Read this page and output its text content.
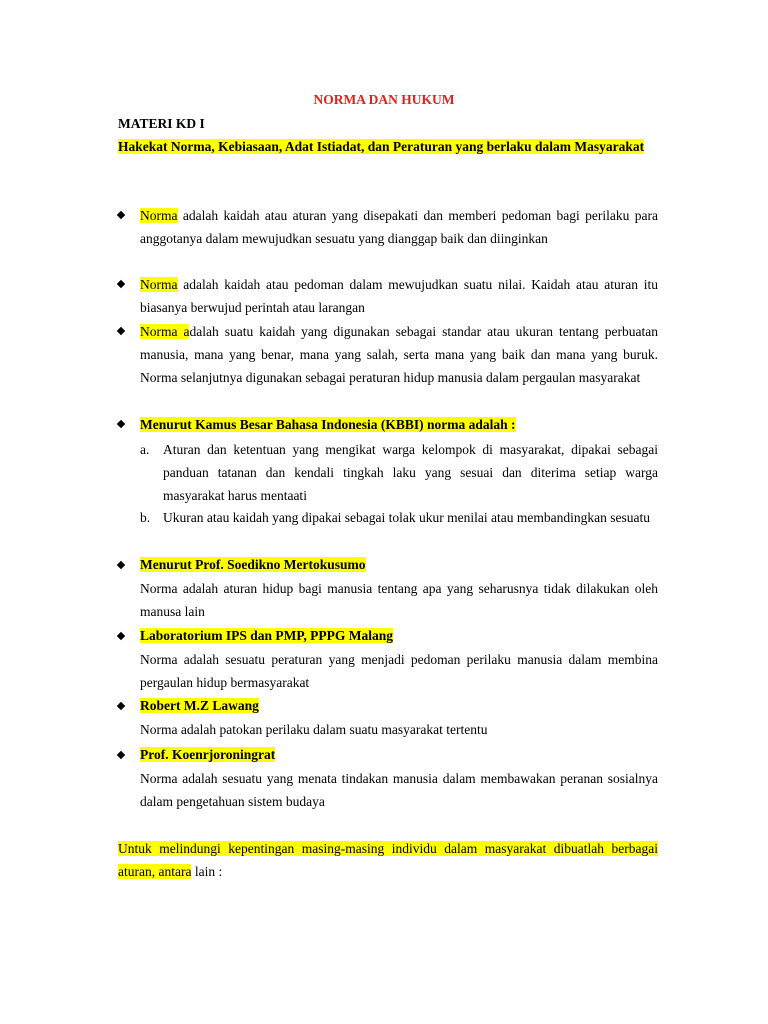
NORMA DAN HUKUM
MATERI KD I
Hakekat Norma, Kebiasaan, Adat Istiadat, dan Peraturan yang berlaku dalam Masyarakat
Norma adalah kaidah atau aturan yang disepakati dan memberi pedoman bagi perilaku para anggotanya dalam mewujudkan sesuatu yang dianggap baik dan diinginkan
Norma adalah kaidah atau pedoman dalam mewujudkan suatu nilai. Kaidah atau aturan itu biasanya berwujud perintah atau larangan
Norma adalah suatu kaidah yang digunakan sebagai standar atau ukuran tentang perbuatan manusia, mana yang benar, mana yang salah, serta mana yang baik dan mana yang buruk. Norma selanjutnya digunakan sebagai peraturan hidup manusia dalam pergaulan masyarakat
Menurut Kamus Besar Bahasa Indonesia (KBBI) norma adalah :
a. Aturan dan ketentuan yang mengikat warga kelompok di masyarakat, dipakai sebagai panduan tatanan dan kendali tingkah laku yang sesuai dan diterima setiap warga masyarakat harus mentaati
b. Ukuran atau kaidah yang dipakai sebagai tolak ukur menilai atau membandingkan sesuatu
Menurut Prof. Soedikno Mertokusumo
Norma adalah aturan hidup bagi manusia tentang apa yang seharusnya tidak dilakukan oleh manusa lain
Laboratorium IPS dan PMP, PPPG Malang
Norma adalah sesuatu peraturan yang menjadi pedoman perilaku manusia dalam membina pergaulan hidup bermasyarakat
Robert M.Z Lawang
Norma adalah patokan perilaku dalam suatu masyarakat tertentu
Prof. Koenrjoroningrat
Norma adalah sesuatu yang menata tindakan manusia dalam membawakan peranan sosialnya dalam pengetahuan sistem budaya
Untuk melindungi kepentingan masing-masing individu dalam masyarakat dibuatlah berbagai aturan, antara lain :
